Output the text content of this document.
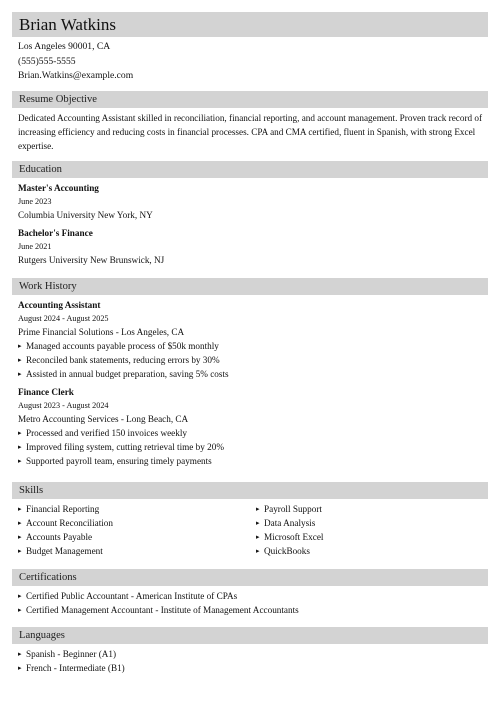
Brian Watkins
Los Angeles 90001, CA
(555)555-5555
Brian.Watkins@example.com
Resume Objective
Dedicated Accounting Assistant skilled in reconciliation, financial reporting, and account management. Proven track record of increasing efficiency and reducing costs in financial processes. CPA and CMA certified, fluent in Spanish, with strong Excel expertise.
Education
Master's Accounting
June 2023
Columbia University New York, NY
Bachelor's Finance
June 2021
Rutgers University New Brunswick, NJ
Work History
Accounting Assistant
August 2024 - August 2025
Prime Financial Solutions - Los Angeles, CA
▸ Managed accounts payable process of $50k monthly
▸ Reconciled bank statements, reducing errors by 30%
▸ Assisted in annual budget preparation, saving 5% costs
Finance Clerk
August 2023 - August 2024
Metro Accounting Services - Long Beach, CA
▸ Processed and verified 150 invoices weekly
▸ Improved filing system, cutting retrieval time by 20%
▸ Supported payroll team, ensuring timely payments
Skills
▸ Financial Reporting
▸ Account Reconciliation
▸ Accounts Payable
▸ Budget Management
▸ Payroll Support
▸ Data Analysis
▸ Microsoft Excel
▸ QuickBooks
Certifications
▸ Certified Public Accountant - American Institute of CPAs
▸ Certified Management Accountant - Institute of Management Accountants
Languages
▸ Spanish - Beginner (A1)
▸ French - Intermediate (B1)
